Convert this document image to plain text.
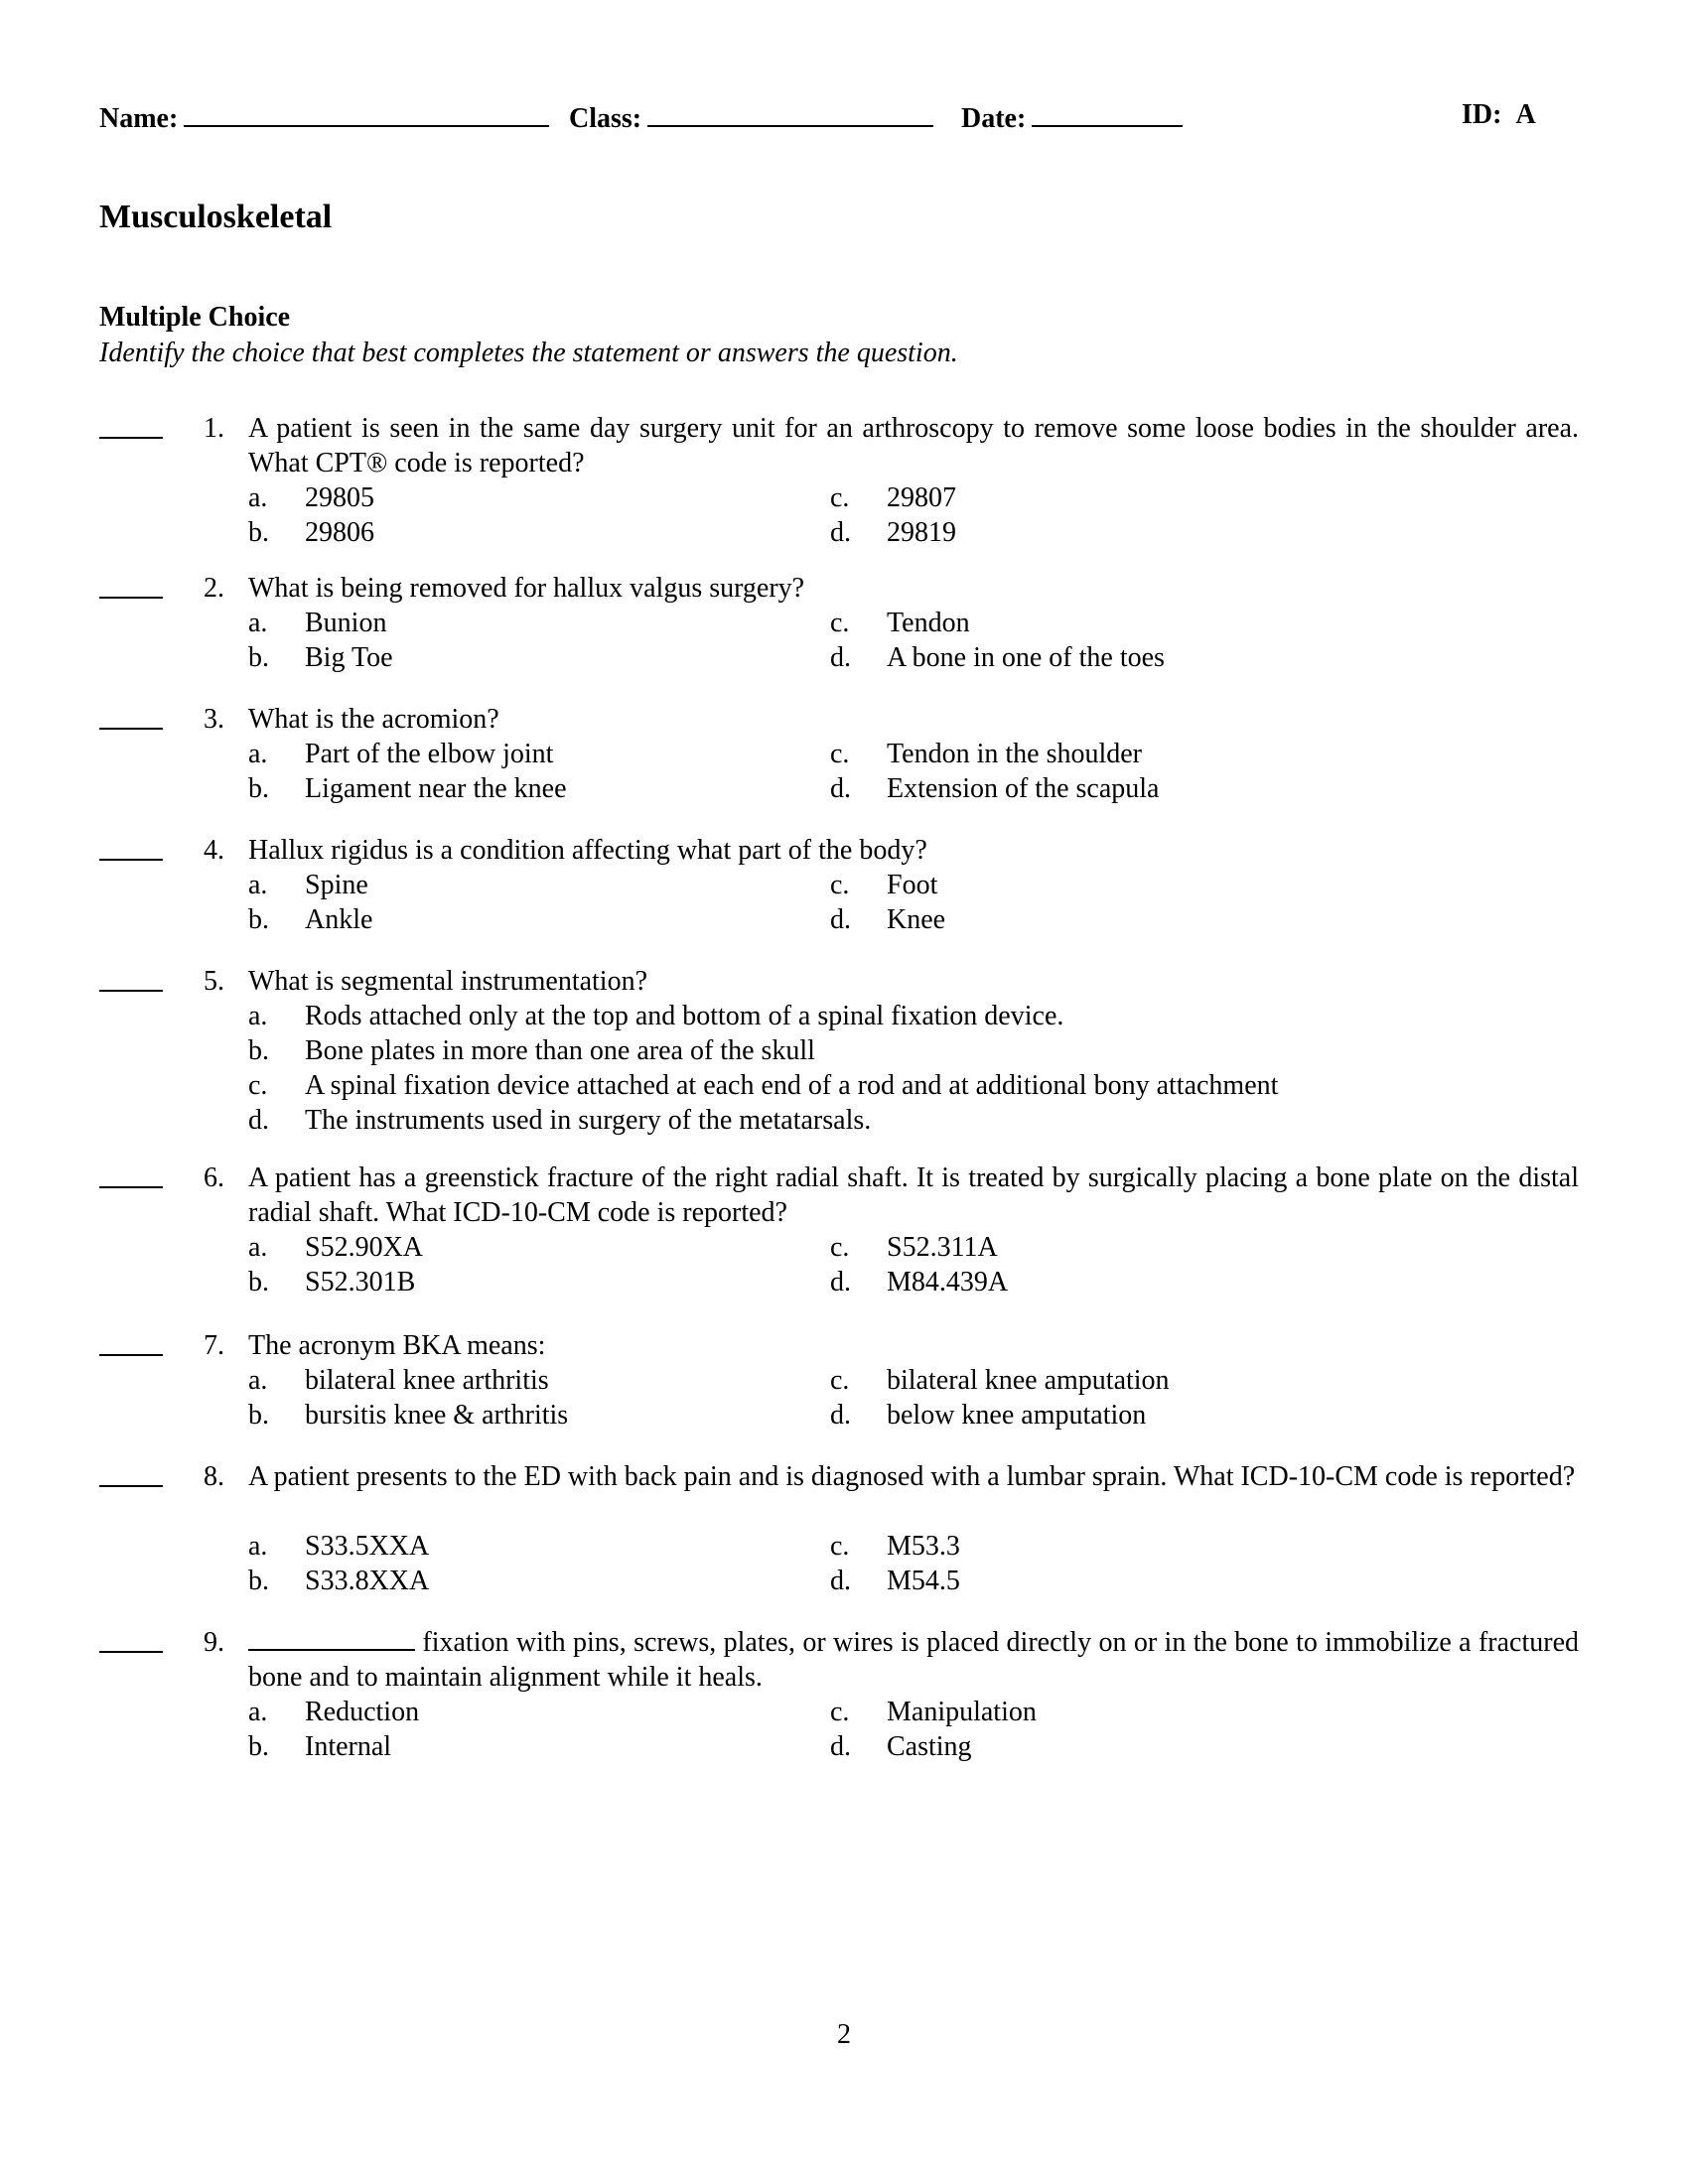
Name:	Class:	Date:	ID: A
Musculoskeletal
Multiple Choice
Identify the choice that best completes the statement or answers the question.
1. A patient is seen in the same day surgery unit for an arthroscopy to remove some loose bodies in the shoulder area. What CPT® code is reported?
a. 29805
b. 29806
c. 29807
d. 29819
2. What is being removed for hallux valgus surgery?
a. Bunion
b. Big Toe
c. Tendon
d. A bone in one of the toes
3. What is the acromion?
a. Part of the elbow joint
b. Ligament near the knee
c. Tendon in the shoulder
d. Extension of the scapula
4. Hallux rigidus is a condition affecting what part of the body?
a. Spine
b. Ankle
c. Foot
d. Knee
5. What is segmental instrumentation?
a. Rods attached only at the top and bottom of a spinal fixation device.
b. Bone plates in more than one area of the skull
c. A spinal fixation device attached at each end of a rod and at additional bony attachment
d. The instruments used in surgery of the metatarsals.
6. A patient has a greenstick fracture of the right radial shaft. It is treated by surgically placing a bone plate on the distal radial shaft. What ICD-10-CM code is reported?
a. S52.90XA
b. S52.301B
c. S52.311A
d. M84.439A
7. The acronym BKA means:
a. bilateral knee arthritis
b. bursitis knee & arthritis
c. bilateral knee amputation
d. below knee amputation
8. A patient presents to the ED with back pain and is diagnosed with a lumbar sprain. What ICD-10-CM code is reported?
a. S33.5XXA
b. S33.8XXA
c. M53.3
d. M54.5
9.	fixation with pins, screws, plates, or wires is placed directly on or in the bone to immobilize a fractured bone and to maintain alignment while it heals.
a. Reduction
b. Internal
c. Manipulation
d. Casting
2
